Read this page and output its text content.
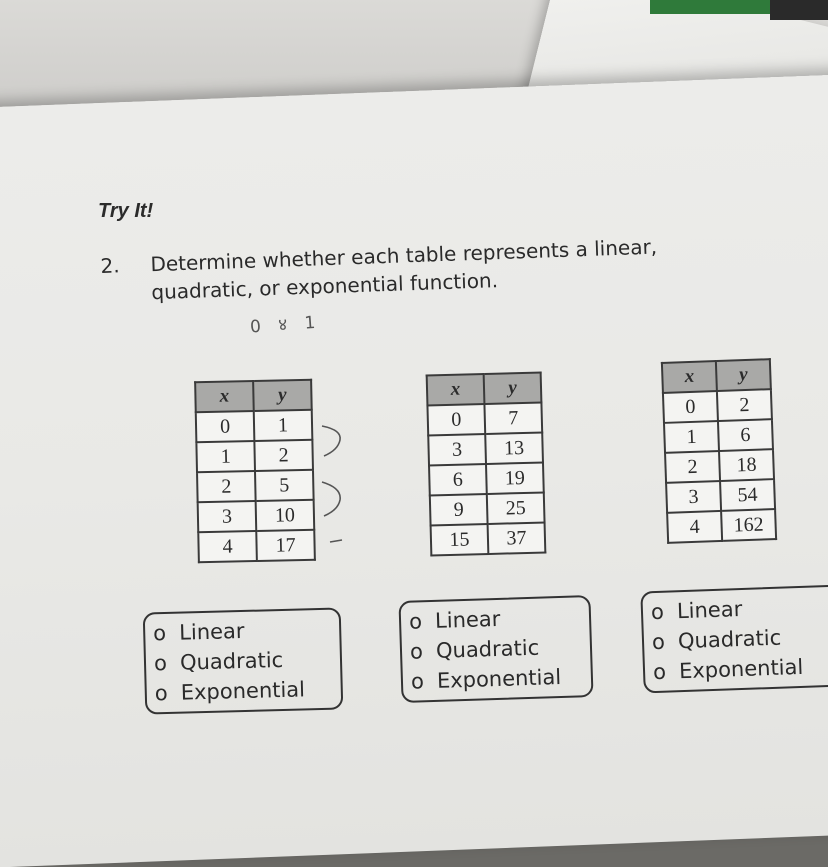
Try It!
2. Determine whether each table represents a linear, quadratic, or exponential function.
0 ४ 1
x	y
0	1
1	2
2	5
3	10
4	17
x	y
0	7
3	13
6	19
9	25
15	37
x	y
0	2
1	6
2	18
3	54
4	162
o Linear
o Quadratic
o Exponential
o Linear
o Quadratic
o Exponential
o Linear
o Quadratic
o Exponential
